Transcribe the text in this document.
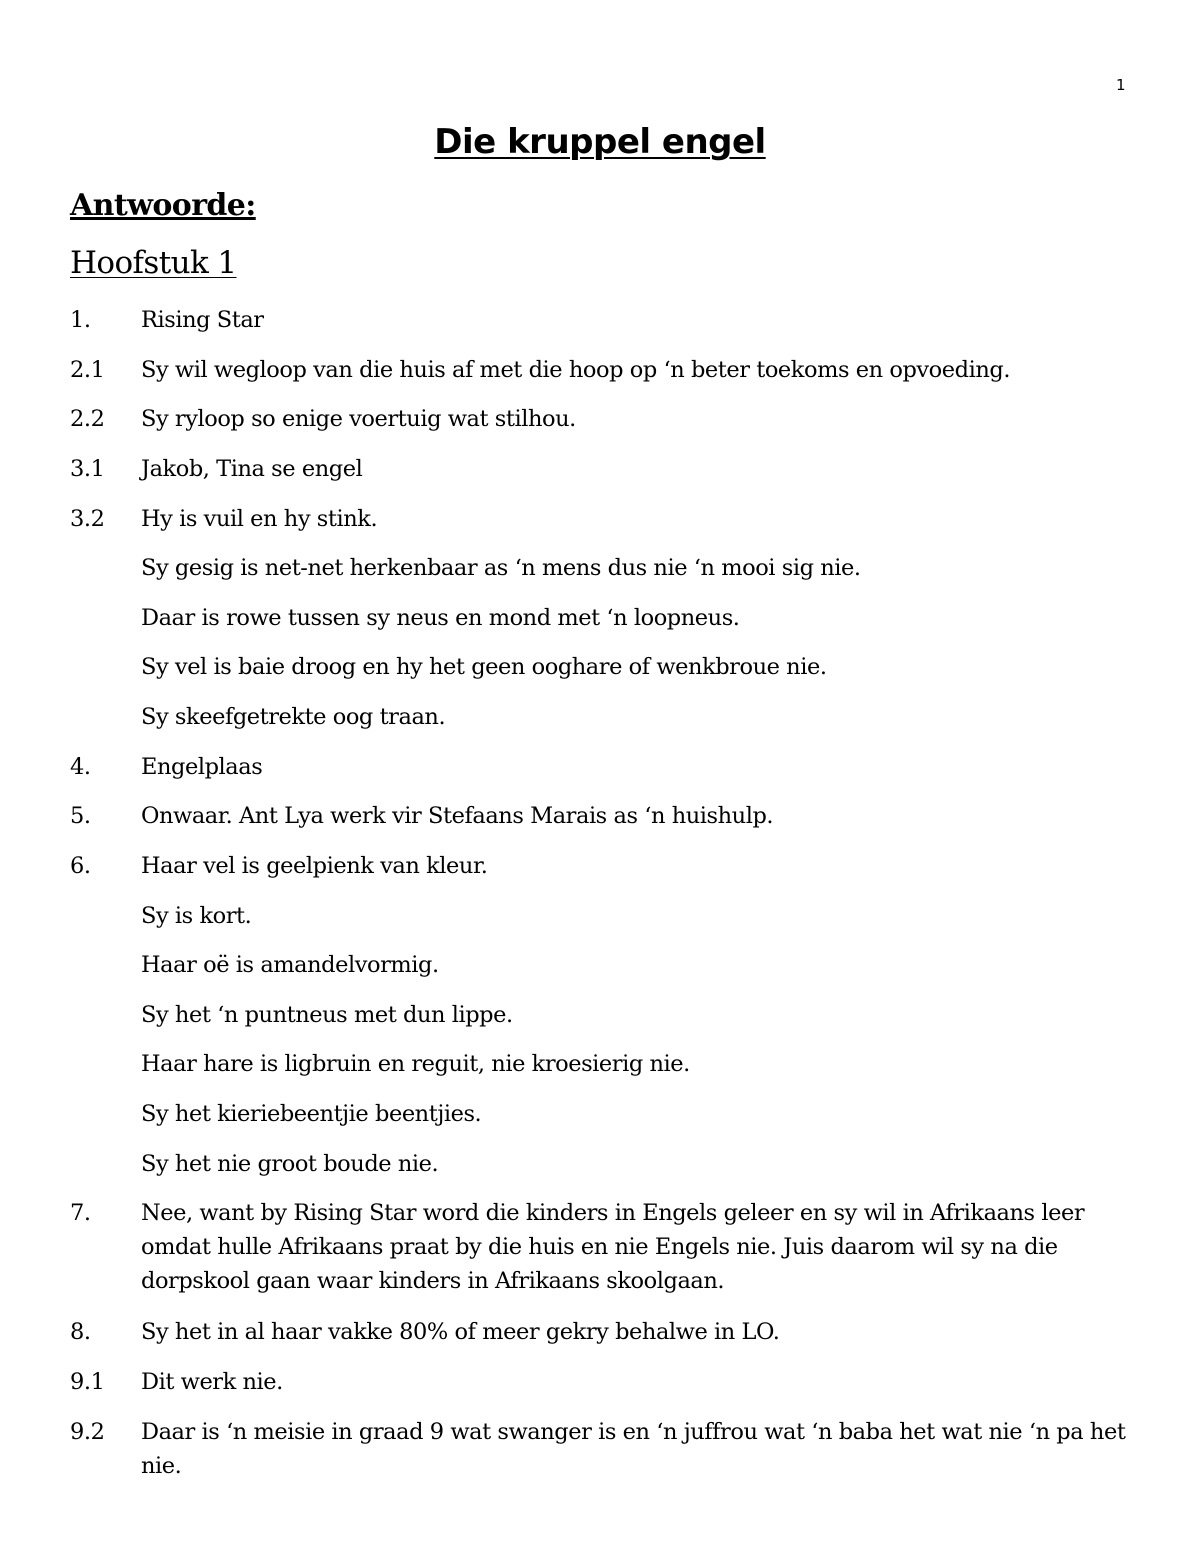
1
Die kruppel engel
Antwoorde:
Hoofstuk 1
1. Rising Star
2.1 Sy wil wegloop van die huis af met die hoop op ‘n beter toekoms en opvoeding.
2.2 Sy ryloop so enige voertuig wat stilhou.
3.1 Jakob, Tina se engel
3.2 Hy is vuil en hy stink.
Sy gesig is net-net herkenbaar as ‘n mens dus nie ‘n mooi sig nie.
Daar is rowe tussen sy neus en mond met ‘n loopneus.
Sy vel is baie droog en hy het geen ooghare of wenkbroue nie.
Sy skeefgetrekte oog traan.
4. Engelplaas
5. Onwaar. Ant Lya werk vir Stefaans Marais as ‘n huishulp.
6. Haar vel is geelpienk van kleur.
Sy is kort.
Haar oë is amandelvormig.
Sy het ‘n puntneus met dun lippe.
Haar hare is ligbruin en reguit, nie kroesierig nie.
Sy het kieriebeentjie beentjies.
Sy het nie groot boude nie.
7. Nee, want by Rising Star word die kinders in Engels geleer en sy wil in Afrikaans leer omdat hulle Afrikaans praat by die huis en nie Engels nie. Juis daarom wil sy na die dorpskool gaan waar kinders in Afrikaans skoolgaan.
8. Sy het in al haar vakke 80% of meer gekry behalwe in LO.
9.1 Dit werk nie.
9.2 Daar is ‘n meisie in graad 9 wat swanger is en ‘n juffrou wat ‘n baba het wat nie ‘n pa het nie.
